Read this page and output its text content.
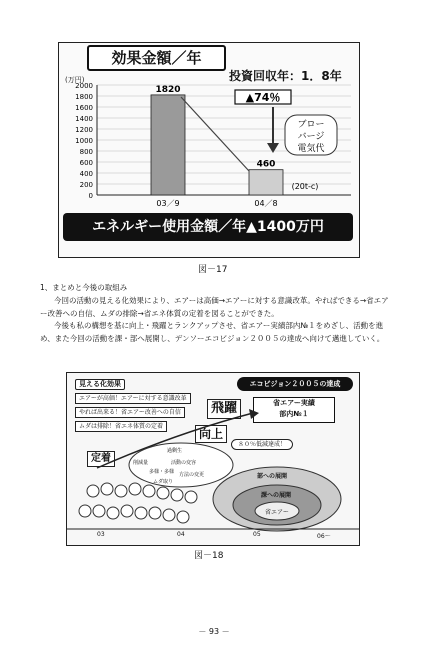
効果金額／年
投資回収年：1．8年
(万円)
2000
1800
1600
1400
1200
1000
800
600
400
200
0
1820
03／9
460
04／8
▲74％
ブロー
バージ
電気代
(20t-c)
エネルギー使用金額／年▲1400万円
図－17
1、まとめと今後の取組み
今回の活動の見える化効果により、エアーは高価→エアーに対する意識改革。やればできる→省エアー改善への自信、ムダの排除→省エネ体質の定着を図ることができた。
今後も私の構想を基に向上・飛躍とランクアップさせ、省エアー実績部内№１をめざし、活動を進め、また今回の活動を課・部へ展開し、デンソーエコビジョン２００５の達成へ向けて邁進していく。
見える化効果
エアーが高価！エアーに対する意識改革
やれば出来る！省エアー改善への自信
ムダは排除！省エネ体質の定着
エコビジョン２００５の達成
飛躍	省エアー実績
部内№１
向上
８０％低減達成！
定着
過剰生
削減量	活動の変容
多様・多様 方法の変更
ムダ取り
部への展開
課への展開
省エアー
03	04	05	06～
図－18
－ 93 －
